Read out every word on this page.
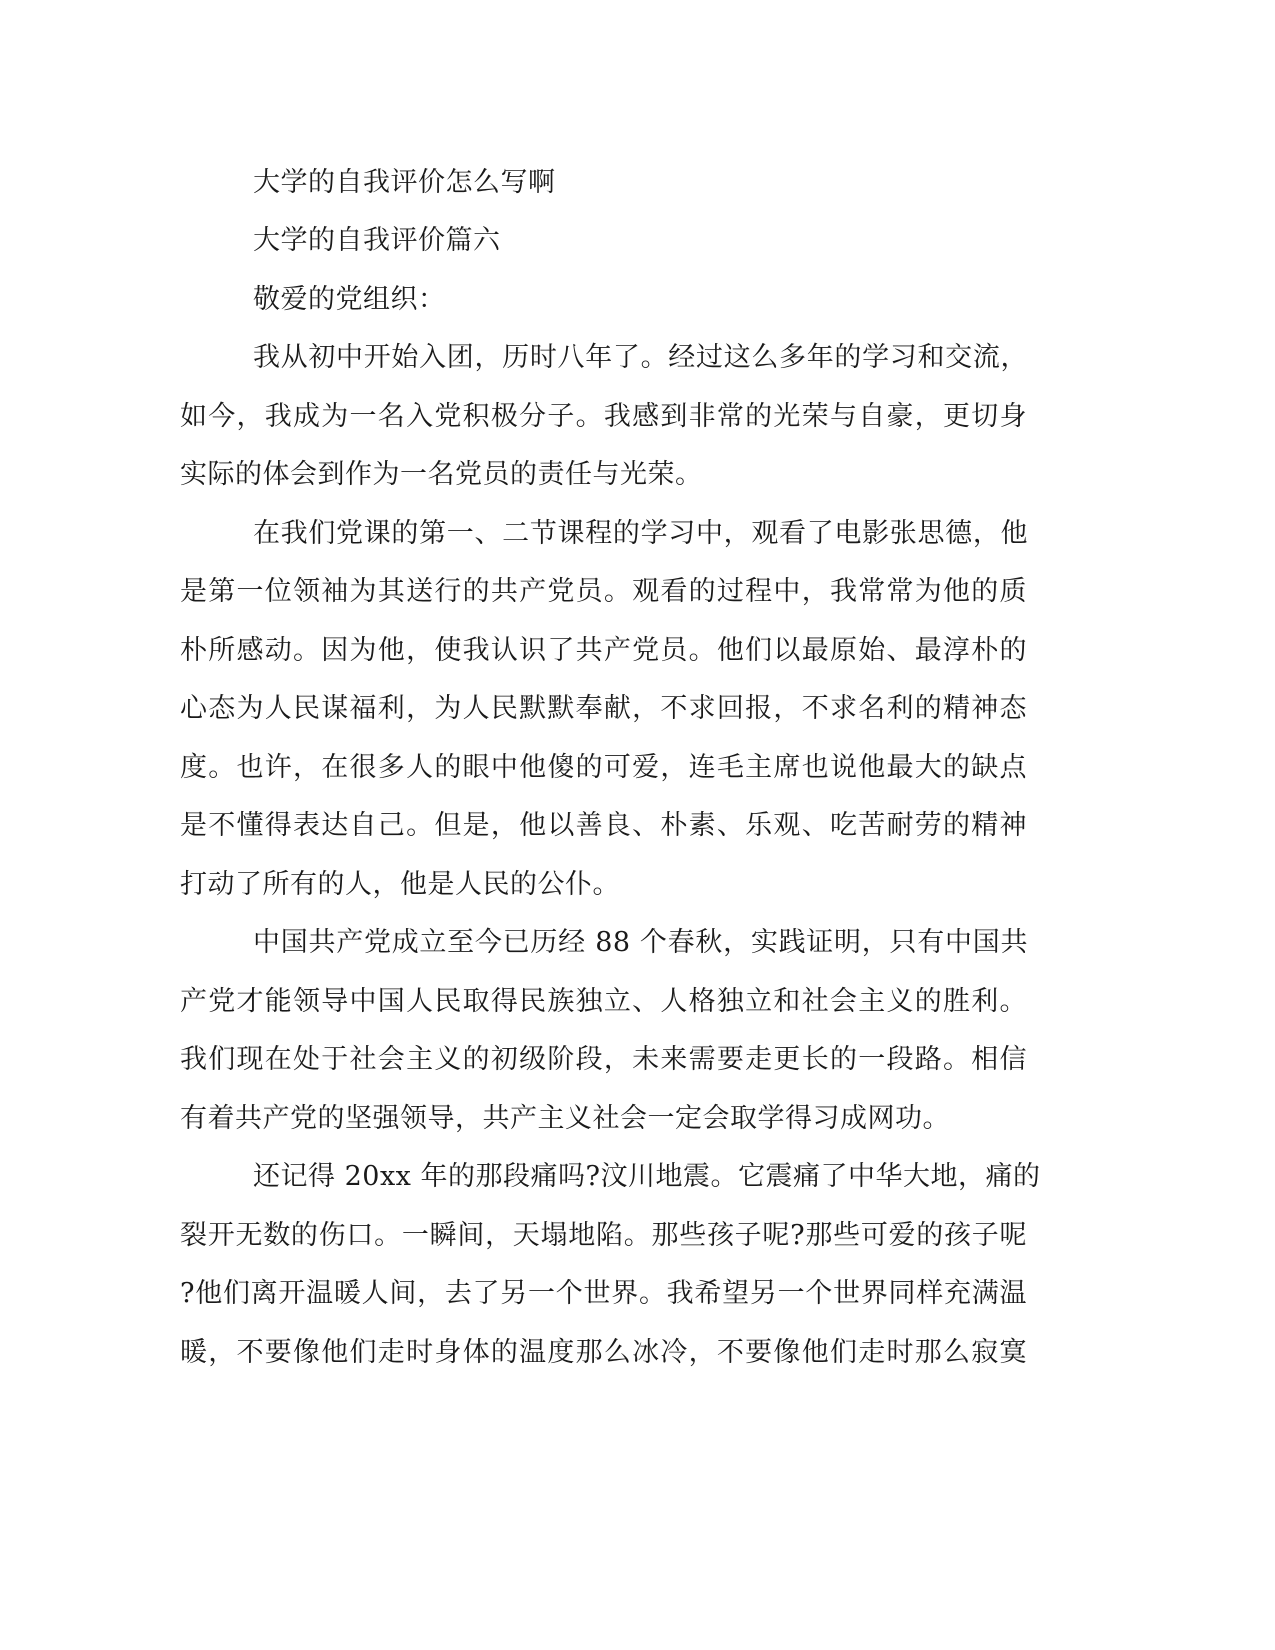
大学的自我评价怎么写啊
大学的自我评价篇六
敬爱的党组织：
我从初中开始入团，历时八年了。经过这么多年的学习和交流，
如今，我成为一名入党积极分子。我感到非常的光荣与自豪，更切身
实际的体会到作为一名党员的责任与光荣。
在我们党课的第一、二节课程的学习中，观看了电影张思德，他
是第一位领袖为其送行的共产党员。观看的过程中，我常常为他的质
朴所感动。因为他，使我认识了共产党员。他们以最原始、最淳朴的
心态为人民谋福利，为人民默默奉献，不求回报，不求名利的精神态
度。也许，在很多人的眼中他傻的可爱，连毛主席也说他最大的缺点
是不懂得表达自己。但是，他以善良、朴素、乐观、吃苦耐劳的精神
打动了所有的人，他是人民的公仆。
中国共产党成立至今已历经 88 个春秋，实践证明，只有中国共
产党才能领导中国人民取得民族独立、人格独立和社会主义的胜利。
我们现在处于社会主义的初级阶段，未来需要走更长的一段路。相信
有着共产党的坚强领导，共产主义社会一定会取学得习成网功。
还记得 20xx 年的那段痛吗?汶川地震。它震痛了中华大地，痛的
裂开无数的伤口。一瞬间，天塌地陷。那些孩子呢?那些可爱的孩子呢
?他们离开温暖人间，去了另一个世界。我希望另一个世界同样充满温
暖，不要像他们走时身体的温度那么冰冷，不要像他们走时那么寂寞
